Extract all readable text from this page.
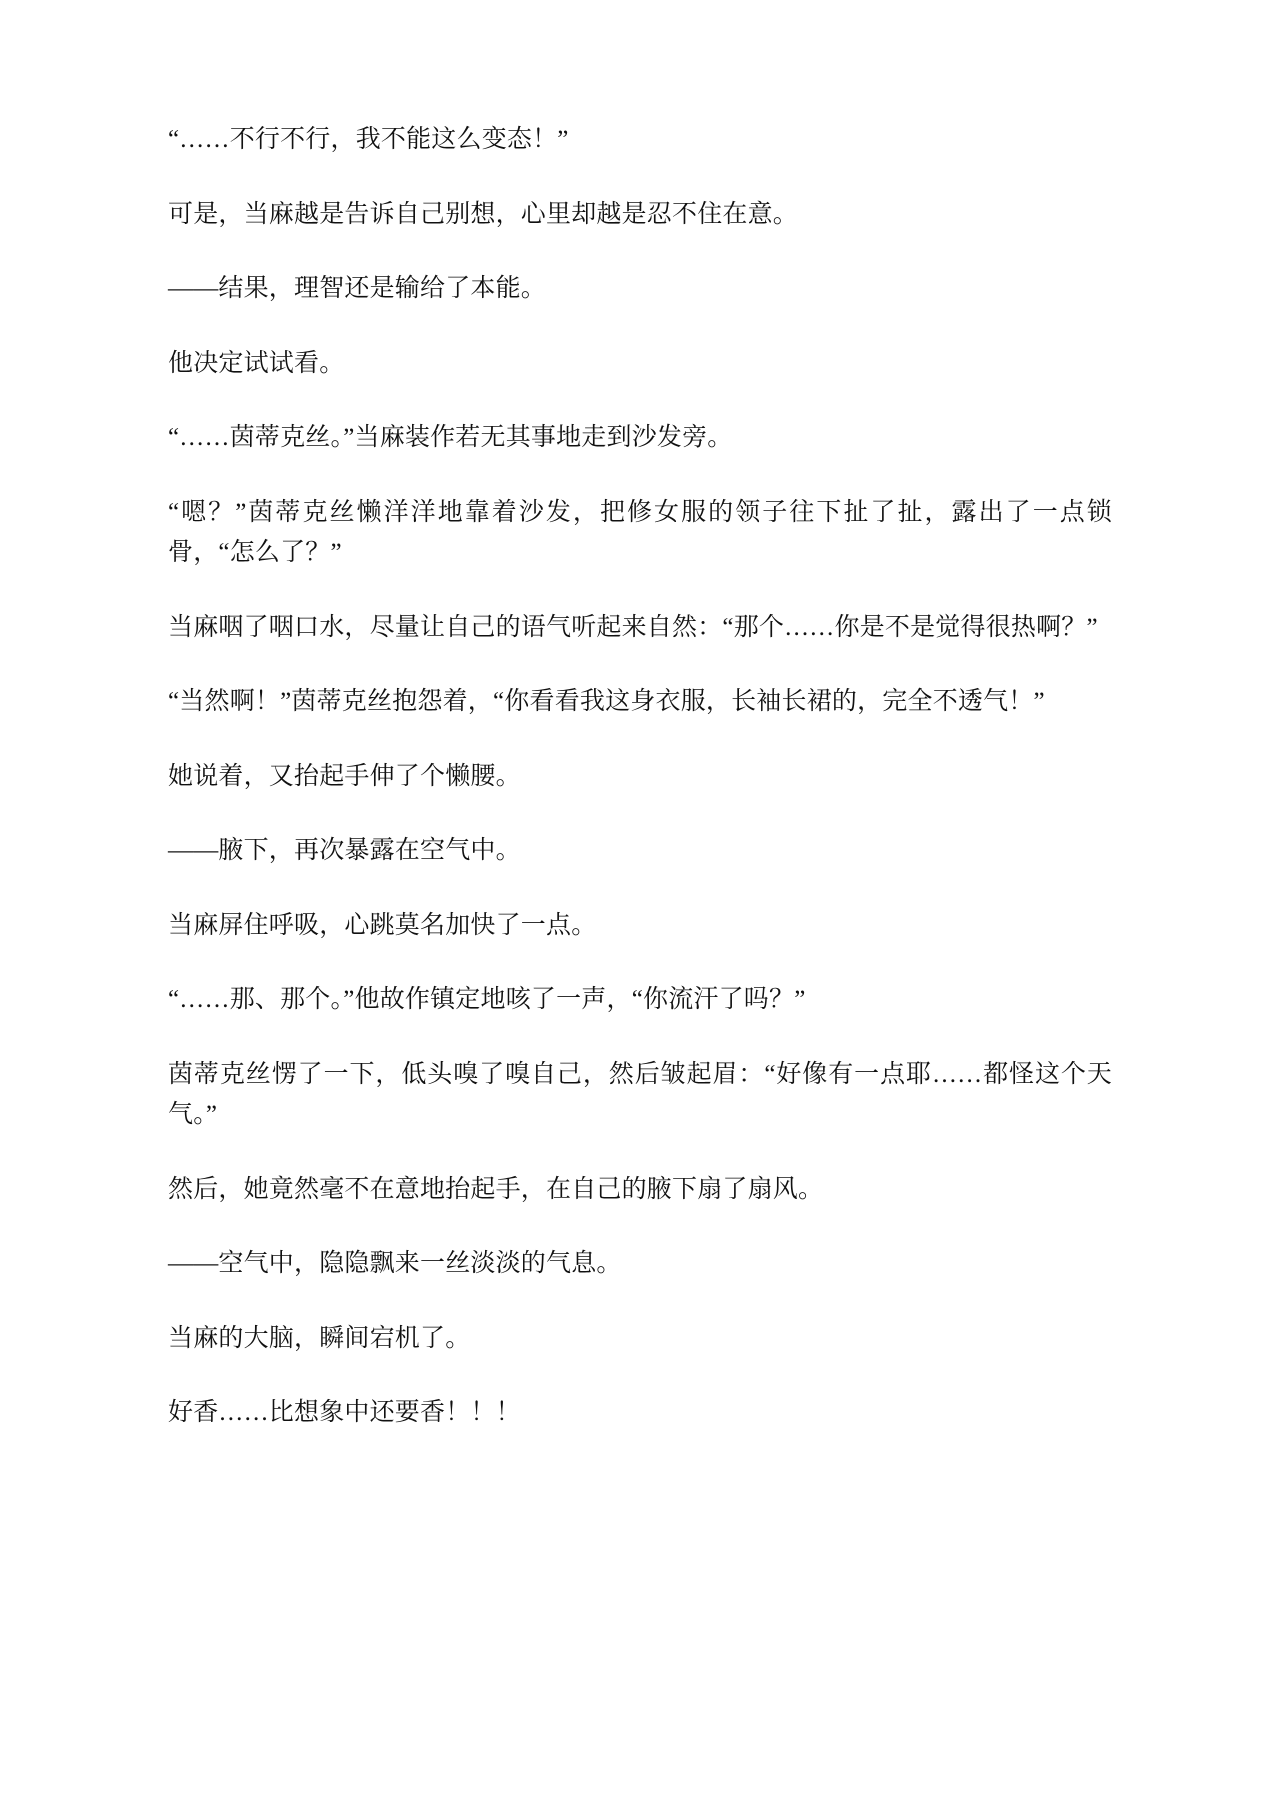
“……不行不行，我不能这么变态！”

可是，当麻越是告诉自己别想，心里却越是忍不住在意。

——结果，理智还是输给了本能。

他决定试试看。

“……茵蒂克丝。”当麻装作若无其事地走到沙发旁。

“嗯？”茵蒂克丝懒洋洋地靠着沙发，把修女服的领子往下扯了扯，露出了一点锁骨，“怎么了？”

当麻咽了咽口水，尽量让自己的语气听起来自然：“那个……你是不是觉得很热啊？”

“当然啊！”茵蒂克丝抱怨着，“你看看我这身衣服，长袖长裙的，完全不透气！”

她说着，又抬起手伸了个懒腰。

——腋下，再次暴露在空气中。

当麻屏住呼吸，心跳莫名加快了一点。

“……那、那个。”他故作镇定地咳了一声，“你流汗了吗？”

茵蒂克丝愣了一下，低头嗅了嗅自己，然后皱起眉：“好像有一点耶……都怪这个天气。”

然后，她竟然毫不在意地抬起手，在自己的腋下扇了扇风。

——空气中，隐隐飘来一丝淡淡的气息。

当麻的大脑，瞬间宕机了。

好香……比想象中还要香！！！
